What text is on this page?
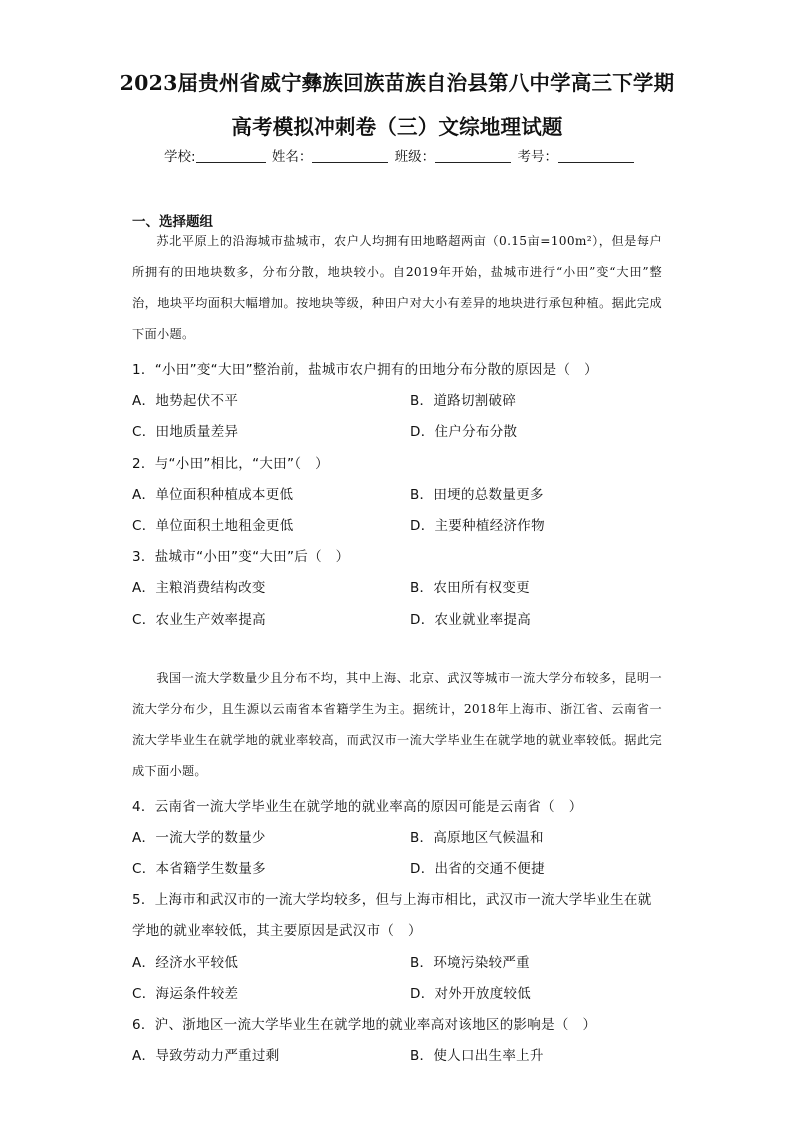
2023届贵州省威宁彝族回族苗族自治县第八中学高三下学期
高考模拟冲刺卷（三）文综地理试题
学校:	姓名：	班级：	考号：
一、选择题组
苏北平原上的沿海城市盐城市，农户人均拥有田地略超两亩（0.15亩=100m²），但是每户所拥有的田地块数多，分布分散，地块较小。自2019年开始，盐城市进行“小田”变“大田”整治，地块平均面积大幅增加。按地块等级，种田户对大小有差异的地块进行承包种植。据此完成下面小题。
1．“小田”变“大田”整治前，盐城市农户拥有的田地分布分散的原因是（　）
A．地势起伏不平	B．道路切割破碎
C．田地质量差异	D．住户分布分散
2．与“小田”相比，“大田”（　）
A．单位面积种植成本更低	B．田埂的总数量更多
C．单位面积土地租金更低	D．主要种植经济作物
3．盐城市“小田”变“大田”后（　）
A．主粮消费结构改变	B．农田所有权变更
C．农业生产效率提高	D．农业就业率提高
我国一流大学数量少且分布不均，其中上海、北京、武汉等城市一流大学分布较多，昆明一流大学分布少，且生源以云南省本省籍学生为主。据统计，2018年上海市、浙江省、云南省一流大学毕业生在就学地的就业率较高，而武汉市一流大学毕业生在就学地的就业率较低。据此完成下面小题。
4．云南省一流大学毕业生在就学地的就业率高的原因可能是云南省（　）
A．一流大学的数量少	B．高原地区气候温和
C．本省籍学生数量多	D．出省的交通不便捷
5．上海市和武汉市的一流大学均较多，但与上海市相比，武汉市一流大学毕业生在就
学地的就业率较低，其主要原因是武汉市（　）
A．经济水平较低	B．环境污染较严重
C．海运条件较差	D．对外开放度较低
6．沪、浙地区一流大学毕业生在就学地的就业率高对该地区的影响是（　）
A．导致劳动力严重过剩	B．使人口出生率上升
